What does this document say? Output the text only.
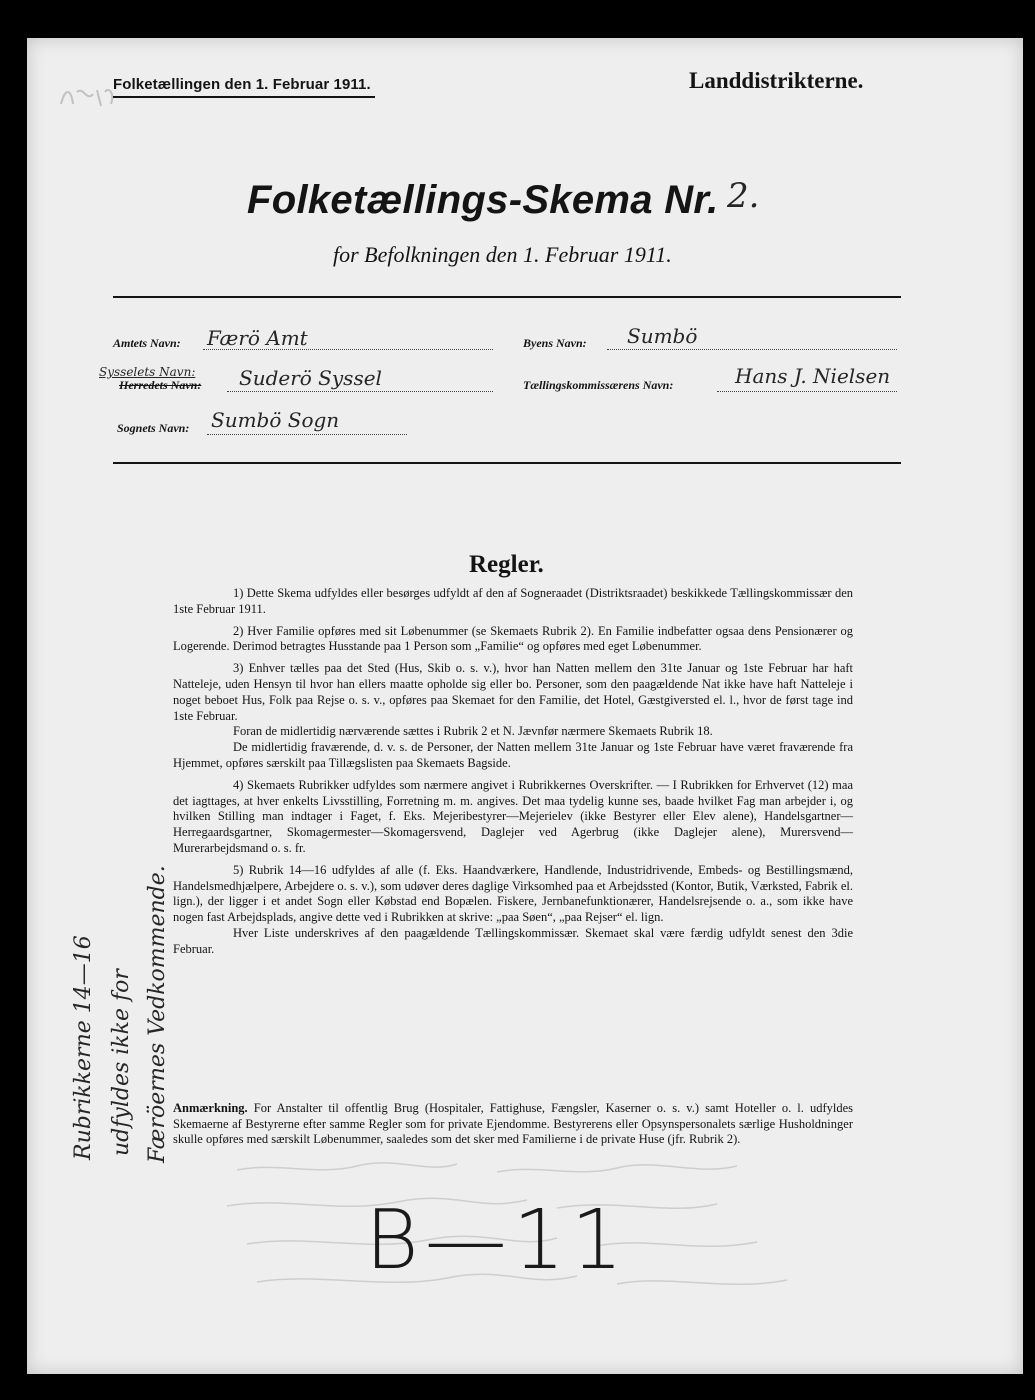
Folketællingen den 1. Februar 1911.	Landdistrikterne.
Folketællings-Skema Nr. 2.
for Befolkningen den 1. Februar 1911.
Amtets Navn: Færö Amt	Byens Navn: Sumbö
Sysselets Navn:
Herredets Navn: Suderö Syssel	Tællingskommissærens Navn:	Hans J. Nielsen
Sognets Navn: Sumbö Sogn
Regler.

1) Dette Skema udfyldes eller besørges udfyldt af den af Sogneraadet (Distriktsraadet) beskikkede Tællingskommissær den 1ste Februar 1911.

2) Hver Familie opføres med sit Løbenummer (se Skemaets Rubrik 2). En Familie indbefatter ogsaa dens Pensionærer og Logerende. Derimod betragtes Husstande paa 1 Person som „Familie“ og opføres med eget Løbenummer.

3) Enhver tælles paa det Sted (Hus, Skib o. s. v.), hvor han Natten mellem den 31te Januar og 1ste Februar har haft Natteleje, uden Hensyn til hvor han ellers maatte opholde sig eller bo. Personer, som den paagældende Nat ikke have haft Natteleje i noget beboet Hus, Folk paa Rejse o. s. v., opføres paa Skemaet for den Familie, det Hotel, Gæstgiversted el. l., hvor de først tage ind 1ste Februar.

Foran de midlertidig nærværende sættes i Rubrik 2 et N. Jævnfør nærmere Skemaets Rubrik 18.

De midlertidig fraværende, d. v. s. de Personer, der Natten mellem 31te Januar og 1ste Februar have været fraværende fra Hjemmet, opføres særskilt paa Tillægslisten paa Skemaets Bagside.

4) Skemaets Rubrikker udfyldes som nærmere angivet i Rubrikkernes Overskrifter. — I Rubrikken for Erhvervet (12) maa det iagttages, at hver enkelts Livsstilling, Forretning m. m. angives. Det maa tydelig kunne ses, baade hvilket Fag man arbejder i, og hvilken Stilling man indtager i Faget, f. Eks. Mejeribestyrer—Mejerielev (ikke Bestyrer eller Elev alene), Handelsgartner—Herregaardsgartner, Skomagermester—Skomagersvend, Daglejer ved Agerbrug (ikke Daglejer alene), Murersvend—Murerarbejdsmand o. s. fr.

5) Rubrik 14—16 udfyldes af alle (f. Eks. Haandværkere, Handlende, Industridrivende, Embeds- og Bestillingsmænd, Handelsmedhjælpere, Arbejdere o. s. v.), som udøver deres daglige Virksomhed paa et Arbejdssted (Kontor, Butik, Værksted, Fabrik el. lign.), der ligger i et andet Sogn eller Købstad end Bopælen. Fiskere, Jernbanefunktionærer, Handelsrejsende o. a., som ikke have nogen fast Arbejdsplads, angive dette ved i Rubrikken at skrive: „paa Søen“, „paa Rejser“ el. lign.

Hver Liste underskrives af den paagældende Tællingskommissær. Skemaet skal være færdig udfyldt senest den 3die Februar.

Anmærkning. For Anstalter til offentlig Brug (Hospitaler, Fattighuse, Fængsler, Kaserner o. s. v.) samt Hoteller o. l. udfyldes Skemaerne af Bestyrerne efter samme Regler som for private Ejendomme. Bestyrerens eller Opsynspersonalets særlige Husholdninger skulle opføres med særskilt Løbenummer, saaledes som det sker med Familierne i de private Huse (jfr. Rubrik 2).
Rubrikkerne 14—16 udfyldes ikke for Færöernes Vedkommende.
B—11
